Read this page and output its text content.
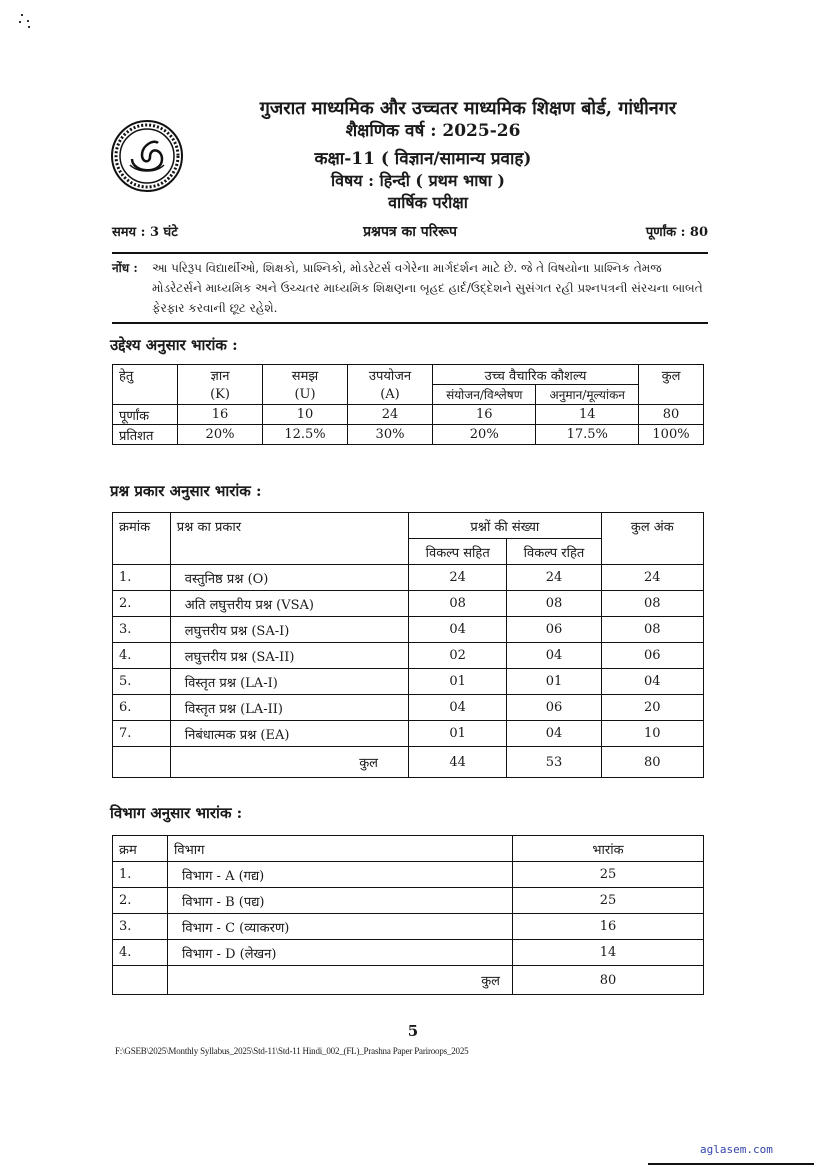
गुजरात माध्यमिक और उच्चतर माध्यमिक शिक्षण बोर्ड, गांधीनगर
शैक्षणिक वर्ष : 2025-26
कक्षा-11 ( विज्ञान/सामान्य प्रवाह)
विषय : हिन्दी ( प्रथम भाषा )
वार्षिक परीक्षा
समय : 3 घंटे	प्रश्नपत्र का परिरूप	पूर्णांक : 80
नोंध : આ પરિરૂપ વિદ્યાર્થીઓ, શિક્ષકો, પ્રાશ્નિકો, મોડરેટર્સ વગેરેના માર્ગદર્શન માટે છે. જે તે વિષયોના પ્રાશ્નિક તેમજ મોડરેટર્સને માધ્યમિક અને ઉચ્ચતર માધ્યમિક શિક્ષણના બૃહદ હાર્દ/ઉદ્દેશને સુસંગત રહી પ્રશ્નપત્રની સંરચના બાબતે ફેરફાર કરવાની છૂટ રહેશે.
उद्देश्य अनुसार भारांक :
हेतु	ज्ञान	समझ	उपयोजन	उच्च वैचारिक कौशल्य		कुल
	(K)	(U)	(A)	संयोजन/विश्लेषण	अनुमान/मूल्यांकन	
पूर्णांक	16	10	24	16	14	80
प्रतिशत	20%	12.5%	30%	20%	17.5%	100%
प्रश्न प्रकार अनुसार भारांक :
क्रमांक	प्रश्न का प्रकार	प्रश्नों की संख्या		कुल अंक
		विकल्प सहित	विकल्प रहित	
1.	वस्तुनिष्ठ प्रश्न (O)	24	24	24
2.	अति लघुत्तरीय प्रश्न (VSA)	08	08	08
3.	लघुत्तरीय प्रश्न (SA-I)	04	06	08
4.	लघुत्तरीय प्रश्न (SA-II)	02	04	06
5.	विस्तृत प्रश्न (LA-I)	01	01	04
6.	विस्तृत प्रश्न (LA-II)	04	06	20
7.	निबंधात्मक प्रश्न (EA)	01	04	10
	कुल	44	53	80
विभाग अनुसार भारांक :
क्रम	विभाग	भारांक
1.	विभाग - A (गद्य)	25
2.	विभाग - B (पद्य)	25
3.	विभाग - C (व्याकरण)	16
4.	विभाग - D (लेखन)	14
	कुल	80
5
F:\GSEB\2025\Monthly Syllabus_2025\Std-11\Std-11 Hindi_002_(FL)_Prashna Paper Pariroops_2025
aglasem.com
